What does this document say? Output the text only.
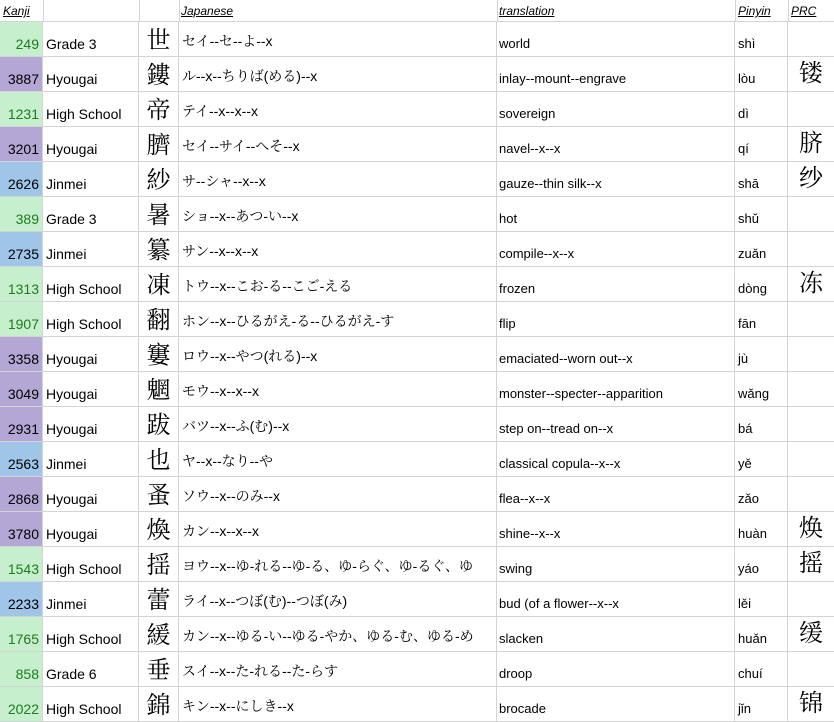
Kanji	Japanese	translation	Pinyin PRC
249 Grade 3	世 セイ--セ--よ--x	world	shì
3887 Hyougai	鏤 ル--x--ちりば(める)--x	inlay--mount--engrave	lòu	镂
1231 High School	帝 テイ--x--x--x	sovereign	dì
3201 Hyougai	臍 セイ--サイ--へそ--x	navel--x--x	qí	脐
2626 Jinmei	紗 サ--シャ--x--x	gauze--thin silk--x	shā	纱
389 Grade 3	暑 ショ--x--あつ-い--x	hot	shǔ
2735 Jinmei	纂 サン--x--x--x	compile--x--x	zuǎn
1313 High School	凍 トウ--x--こお-る--こご-える	frozen	dòng	冻
1907 High School	翻 ホン--x--ひるがえ-る--ひるがえ-す	flip	fān
3358 Hyougai	窶 ロウ--x--やつ(れる)--x	emaciated--worn out--x	jù
3049 Hyougai	魍 モウ--x--x--x	monster--specter--apparition	wǎng
2931 Hyougai	跋 バツ--x--ふ(む)--x	step on--tread on--x	bá
2563 Jinmei	也 ヤ--x--なり--や	classical copula--x--x	yě
2868 Hyougai	蚤 ソウ--x--のみ--x	flea--x--x	zǎo
3780 Hyougai	煥 カン--x--x--x	shine--x--x	huàn	焕
1543 High School	揺 ヨウ--x--ゆ-れる--ゆ-る、ゆ-らぐ、ゆ-るぐ、ゆ	swing	yáo	摇
2233 Jinmei	蕾 ライ--x--つぼ(む)--つぼ(み)	bud (of a flower--x--x	lěi
1765 High School	緩 カン--x--ゆる-い--ゆる-やか、ゆる-む、ゆる-め	slacken	huǎn	缓
858 Grade 6	垂 スイ--x--た-れる--た-らす	droop	chuí
2022 High School	錦 キン--x--にしき--x	brocade	jǐn	锦
